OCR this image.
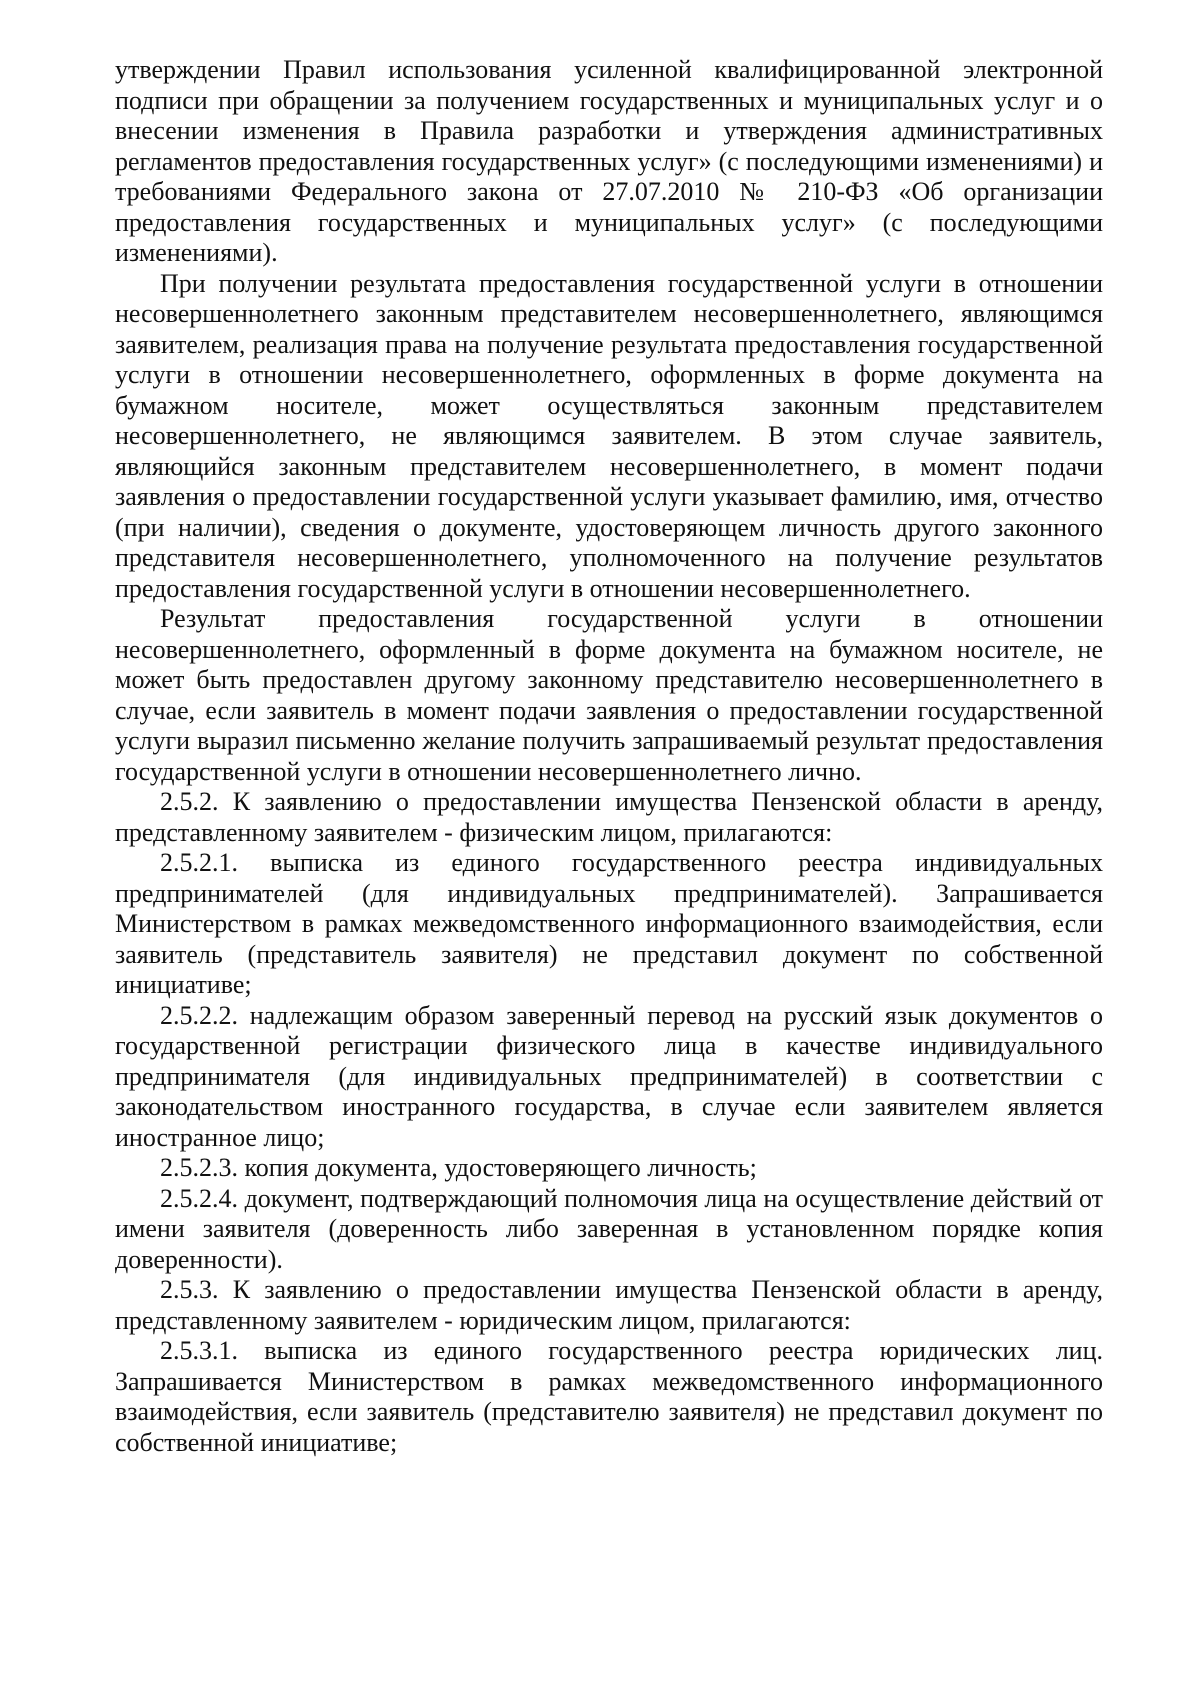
утверждении Правил использования усиленной квалифицированной электронной подписи при обращении за получением государственных и муниципальных услуг и о внесении изменения в Правила разработки и утверждения административных регламентов предоставления государственных услуг» (с последующими изменениями) и требованиями Федерального закона от 27.07.2010 № 210-ФЗ «Об организации предоставления государственных и муниципальных услуг» (с последующими изменениями).

При получении результата предоставления государственной услуги в отношении несовершеннолетнего законным представителем несовершеннолетнего, являющимся заявителем, реализация права на получение результата предоставления государственной услуги в отношении несовершеннолетнего, оформленных в форме документа на бумажном носителе, может осуществляться законным представителем несовершеннолетнего, не являющимся заявителем. В этом случае заявитель, являющийся законным представителем несовершеннолетнего, в момент подачи заявления о предоставлении государственной услуги указывает фамилию, имя, отчество (при наличии), сведения о документе, удостоверяющем личность другого законного представителя несовершеннолетнего, уполномоченного на получение результатов предоставления государственной услуги в отношении несовершеннолетнего.

Результат предоставления государственной услуги в отношении несовершеннолетнего, оформленный в форме документа на бумажном носителе, не может быть предоставлен другому законному представителю несовершеннолетнего в случае, если заявитель в момент подачи заявления о предоставлении государственной услуги выразил письменно желание получить запрашиваемый результат предоставления государственной услуги в отношении несовершеннолетнего лично.

2.5.2. К заявлению о предоставлении имущества Пензенской области в аренду, представленному заявителем - физическим лицом, прилагаются:

2.5.2.1. выписка из единого государственного реестра индивидуальных предпринимателей (для индивидуальных предпринимателей). Запрашивается Министерством в рамках межведомственного информационного взаимодействия, если заявитель (представитель заявителя) не представил документ по собственной инициативе;

2.5.2.2. надлежащим образом заверенный перевод на русский язык документов о государственной регистрации физического лица в качестве индивидуального предпринимателя (для индивидуальных предпринимателей) в соответствии с законодательством иностранного государства, в случае если заявителем является иностранное лицо;

2.5.2.3. копия документа, удостоверяющего личность;

2.5.2.4. документ, подтверждающий полномочия лица на осуществление действий от имени заявителя (доверенность либо заверенная в установленном порядке копия доверенности).

2.5.3. К заявлению о предоставлении имущества Пензенской области в аренду, представленному заявителем - юридическим лицом, прилагаются:

2.5.3.1. выписка из единого государственного реестра юридических лиц. Запрашивается Министерством в рамках межведомственного информационного взаимодействия, если заявитель (представителю заявителя) не представил документ по собственной инициативе;
